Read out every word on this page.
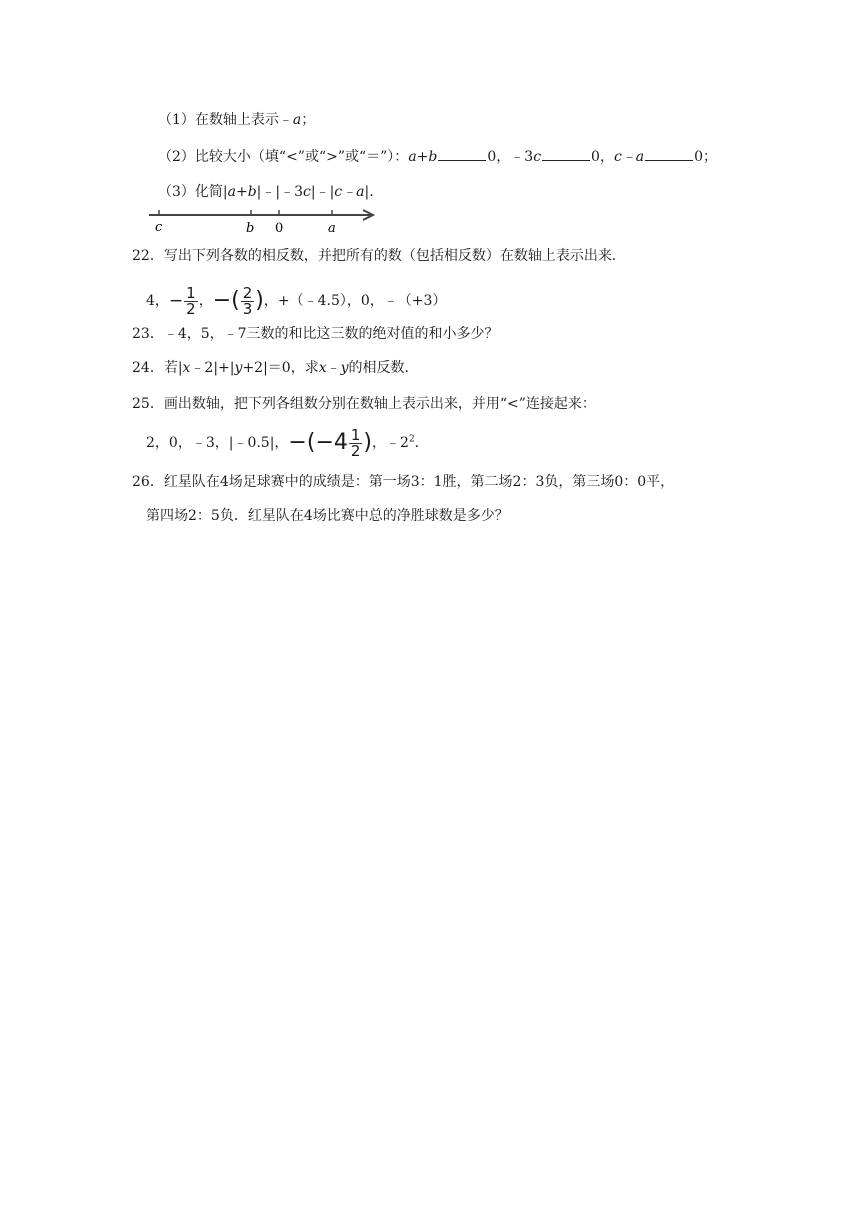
（1）在数轴上表示﹣a；
（2）比较大小（填“<”或“>”或“＝”）：a+b	0，﹣3c	0，c﹣a	0；
（3）化简|a+b|﹣|﹣3c|﹣|c﹣a|.
c	b 0	a
22．写出下列各数的相反数，并把所有的数（包括相反数）在数轴上表示出来．
4，− $\frac{1}{2}$ ，−( $\frac{2}{3}$ )，+（﹣4.5），0，﹣（+3）
23．﹣4，5，﹣7三数的和比这三数的绝对值的和小多少？
24．若|x﹣2|+|y+2|＝0，求x﹣y的相反数．
25．画出数轴，把下列各组数分别在数轴上表示出来，并用“<”连接起来：
2，0，﹣3，|﹣0.5|，$-(-4 \frac{1}{2}$ )，$﹣2^2$.
26．红星队在4场足球赛中的成绩是：第一场3：1胜，第二场2：3负，第三场0：0平，
第四场2：5负．红星队在4场比赛中总的净胜球数是多少？
